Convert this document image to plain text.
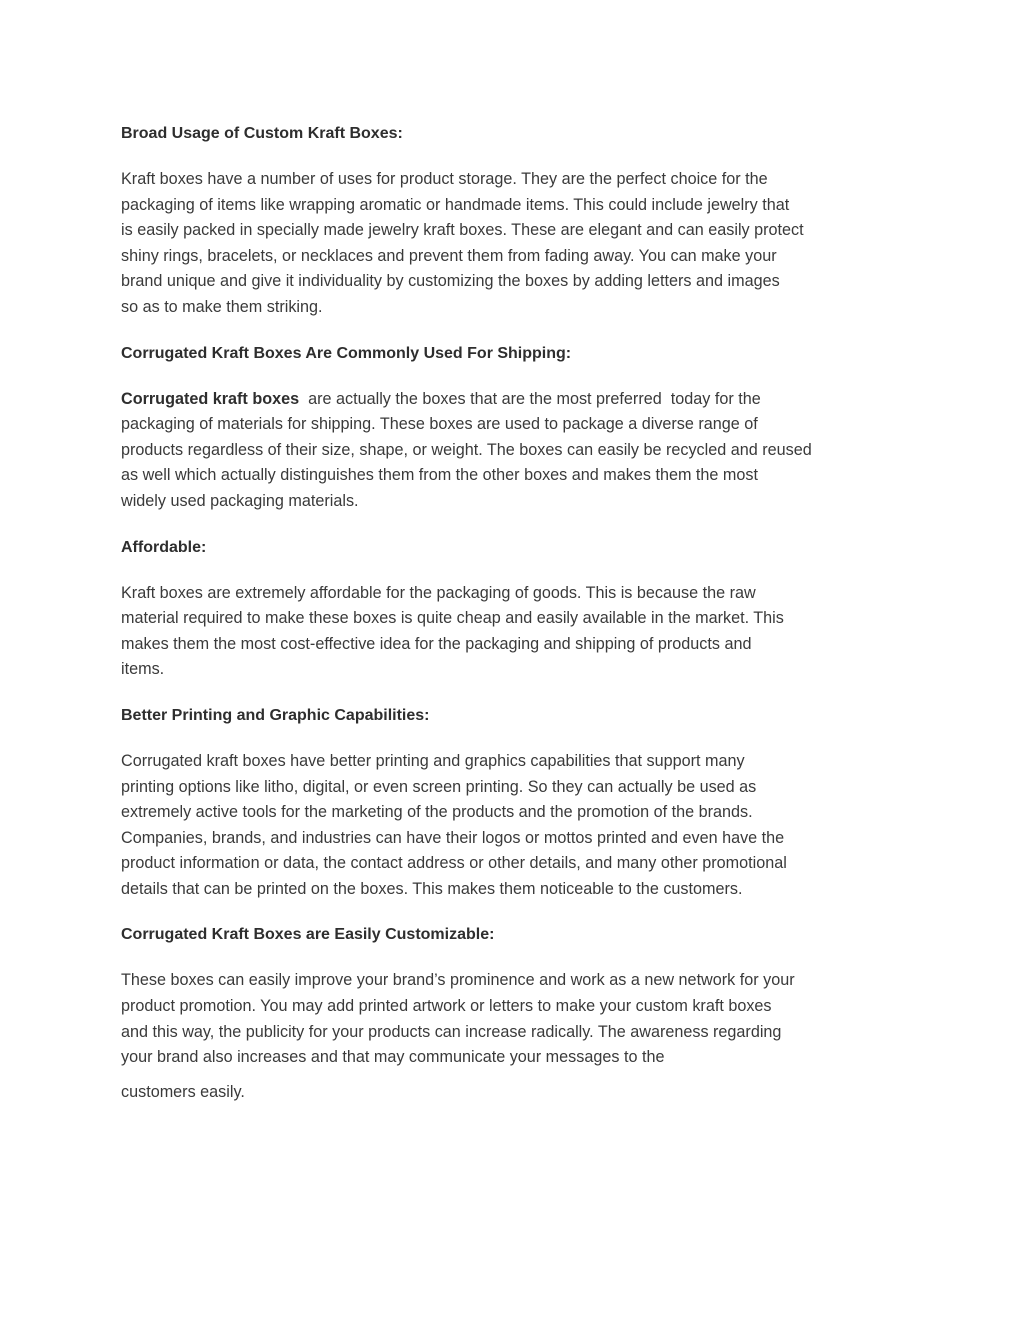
Broad Usage of Custom Kraft Boxes:
Kraft boxes have a number of uses for product storage. They are the perfect choice for the
packaging of items like wrapping aromatic or handmade items. This could include jewelry that
is easily packed in specially made jewelry kraft boxes. These are elegant and can easily protect
shiny rings, bracelets, or necklaces and prevent them from fading away. You can make your
brand unique and give it individuality by customizing the boxes by adding letters and images
so as to make them striking.
Corrugated Kraft Boxes Are Commonly Used For Shipping:
Corrugated kraft boxes  are actually the boxes that are the most preferred  today for the
packaging of materials for shipping. These boxes are used to package a diverse range of
products regardless of their size, shape, or weight. The boxes can easily be recycled and reused
as well which actually distinguishes them from the other boxes and makes them the most
widely used packaging materials.
Affordable:
Kraft boxes are extremely affordable for the packaging of goods. This is because the raw
material required to make these boxes is quite cheap and easily available in the market. This
makes them the most cost-effective idea for the packaging and shipping of products and
items.
Better Printing and Graphic Capabilities:
Corrugated kraft boxes have better printing and graphics capabilities that support many
printing options like litho, digital, or even screen printing. So they can actually be used as
extremely active tools for the marketing of the products and the promotion of the brands.
Companies, brands, and industries can have their logos or mottos printed and even have the
product information or data, the contact address or other details, and many other promotional
details that can be printed on the boxes. This makes them noticeable to the customers.
Corrugated Kraft Boxes are Easily Customizable:
These boxes can easily improve your brand’s prominence and work as a new network for your
product promotion. You may add printed artwork or letters to make your custom kraft boxes
and this way, the publicity for your products can increase radically. The awareness regarding
your brand also increases and that may communicate your messages to the
customers easily.
